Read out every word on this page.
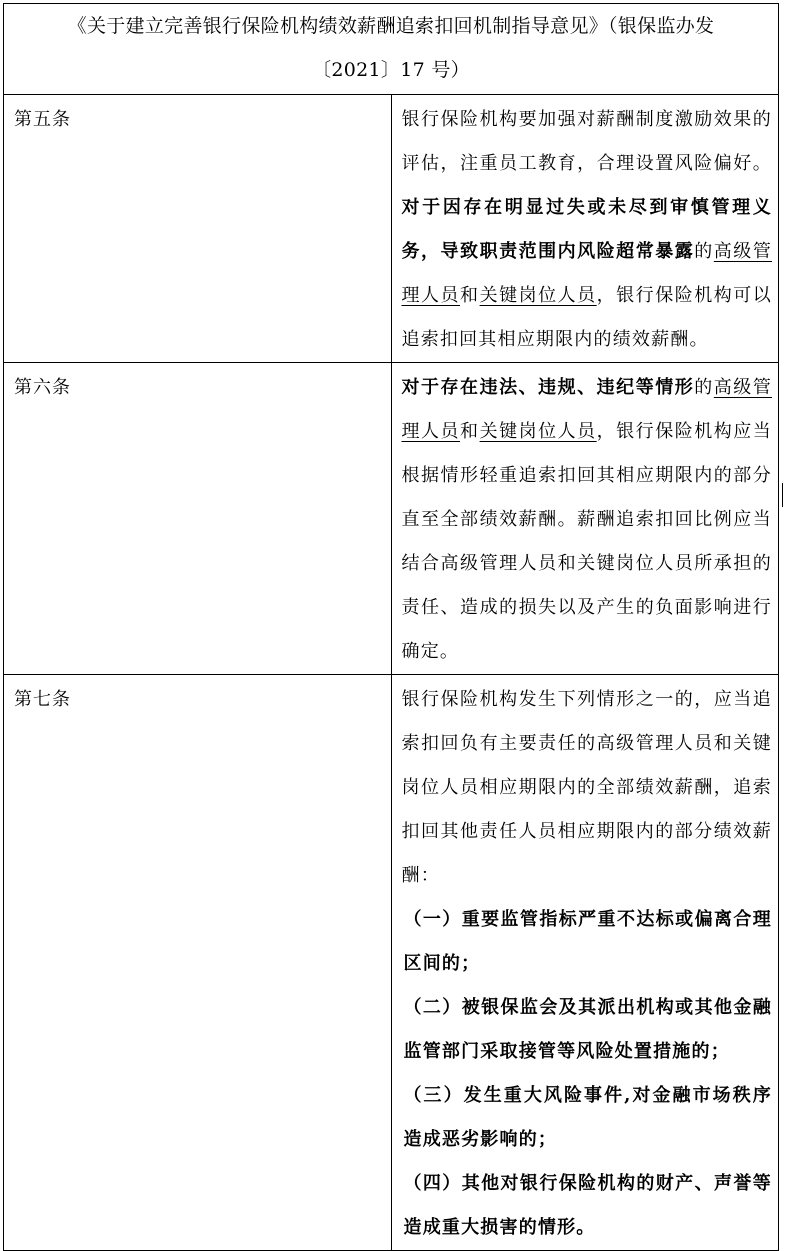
《关于建立完善银行保险机构绩效薪酬追索扣回机制指导意见》（银保监办发
〔2021〕17 号）	

第五条	银行保险机构要加强对薪酬制度激励效果的评估，注重员工教育，合理设置风险偏好。对于因存在明显过失或未尽到审慎管理义务，导致职责范围内风险超常暴露的高级管理人员和关键岗位人员，银行保险机构可以追索扣回其相应期限内的绩效薪酬。
第六条	对于存在违法、违规、违纪等情形的高级管理人员和关键岗位人员，银行保险机构应当根据情形轻重追索扣回其相应期限内的部分直至全部绩效薪酬。薪酬追索扣回比例应当结合高级管理人员和关键岗位人员所承担的责任、造成的损失以及产生的负面影响进行确定。
第七条	银行保险机构发生下列情形之一的，应当追索扣回负有主要责任的高级管理人员和关键岗位人员相应期限内的全部绩效薪酬，追索扣回其他责任人员相应期限内的部分绩效薪酬：
（一）重要监管指标严重不达标或偏离合理区间的；
（二）被银保监会及其派出机构或其他金融监管部门采取接管等风险处置措施的；
（三）发生重大风险事件,对金融市场秩序造成恶劣影响的；
（四）其他对银行保险机构的财产、声誉等造成重大损害的情形。
